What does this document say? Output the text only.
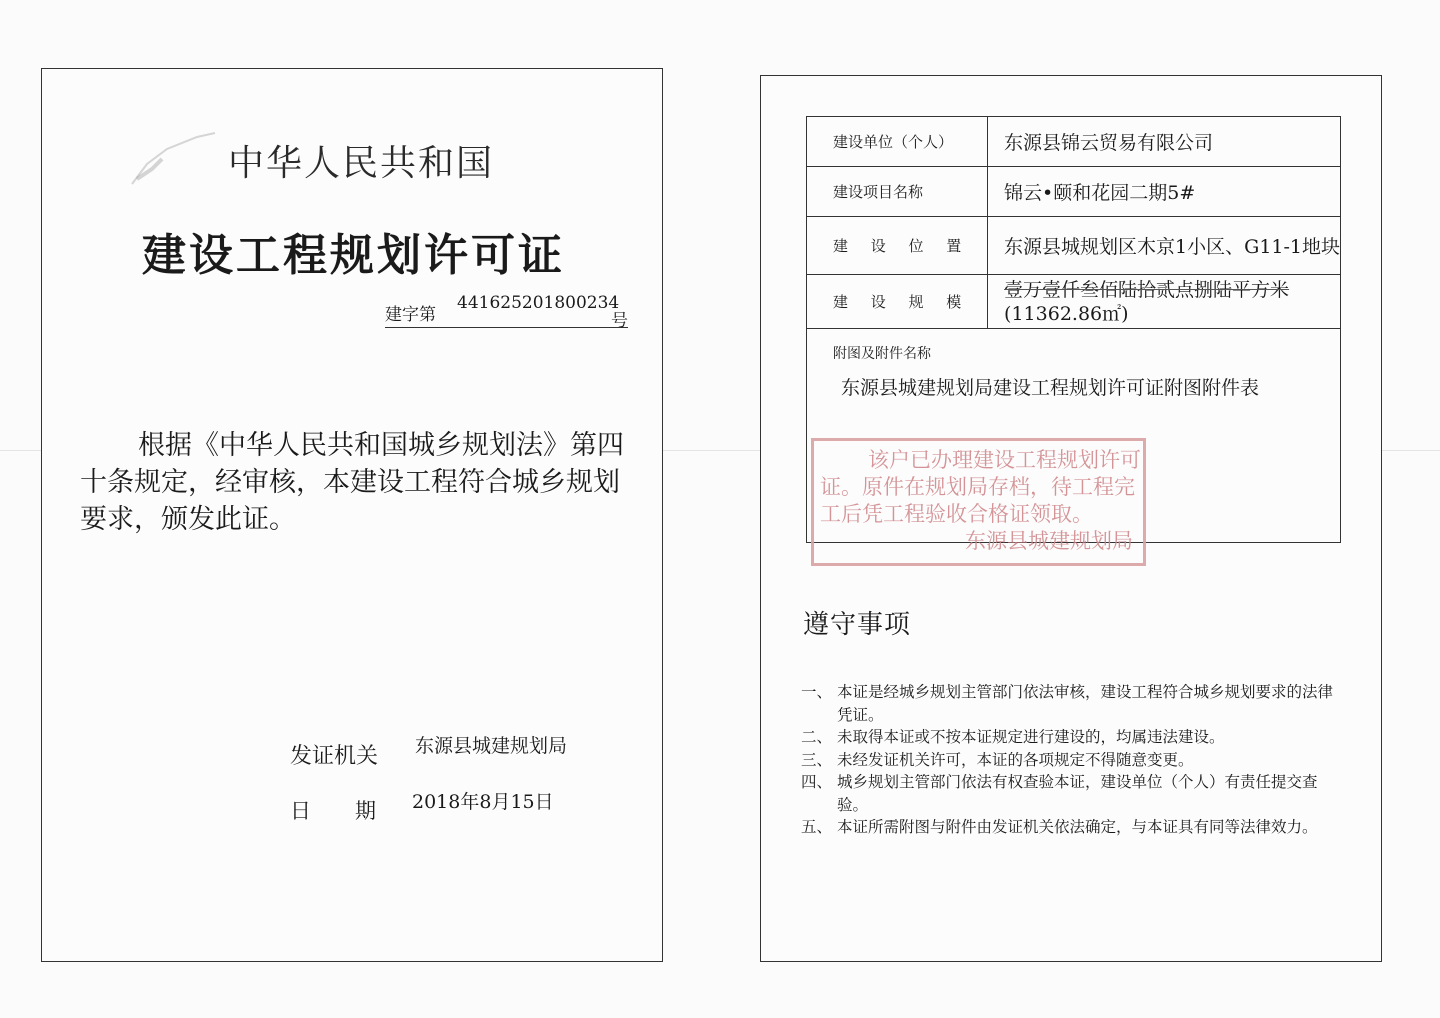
中华人民共和国
建设工程规划许可证
建字第
441625201800234
号
根据《中华人民共和国城乡规划法》第四十条规定，经审核，本建设工程符合城乡规划要求，颁发此证。
发证机关 东源县城建规划局
日 期 2018年8月15日
建设单位（个人）	东源县锦云贸易有限公司
建设项目名称	锦云•颐和花园二期5#
建 设 位 置	东源县城规划区木京1小区、G11-1地块
建 设 规 模	壹万壹仟叁佰陆拾贰点捌陆平方米
(11362.86㎡)

附图及附件名称
东源县城建规划局建设工程规划许可证附图附件表	

该户已办理建设工程规划许可

证。原件在规划局存档，待工程完

工后凭工程验收合格证领取。

东源县城建规划局

遵守事项
一、 本证是经城乡规划主管部门依法审核，建设工程符合城乡规划要求的法律凭证。
二、 未取得本证或不按本证规定进行建设的，均属违法建设。
三、 未经发证机关许可，本证的各项规定不得随意变更。
四、 城乡规划主管部门依法有权查验本证，建设单位（个人）有责任提交查验。
五、 本证所需附图与附件由发证机关依法确定，与本证具有同等法律效力。
